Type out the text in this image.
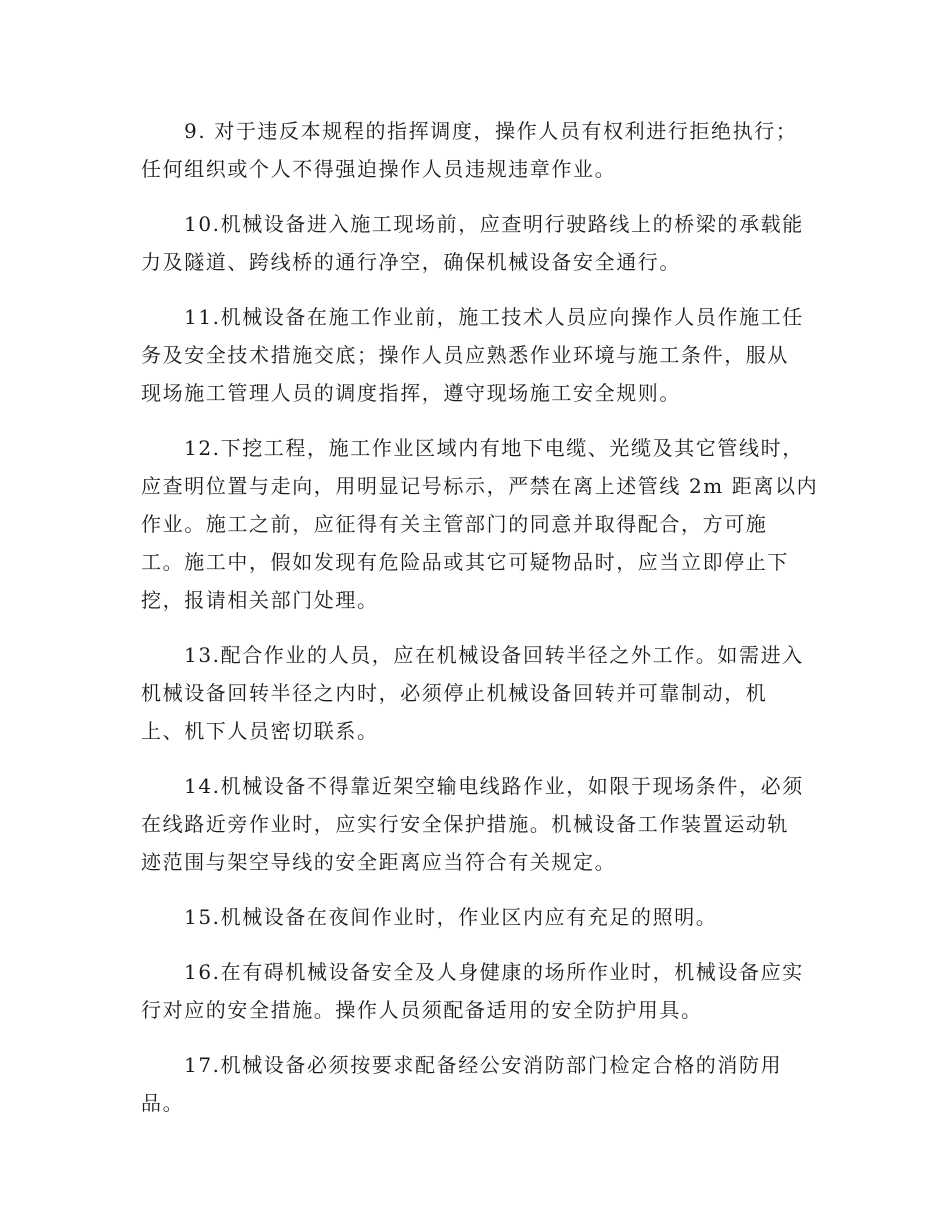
9. 对于违反本规程的指挥调度，操作人员有权利进行拒绝执行；
任何组织或个人不得强迫操作人员违规违章作业。

10.机械设备进入施工现场前，应查明行驶路线上的桥梁的承载能
力及隧道、跨线桥的通行净空，确保机械设备安全通行。

11.机械设备在施工作业前，施工技术人员应向操作人员作施工任
务及安全技术措施交底；操作人员应熟悉作业环境与施工条件，服从
现场施工管理人员的调度指挥，遵守现场施工安全规则。

12.下挖工程，施工作业区域内有地下电缆、光缆及其它管线时，
应查明位置与走向，用明显记号标示，严禁在离上述管线 2m 距离以内
作业。施工之前，应征得有关主管部门的同意并取得配合，方可施
工。施工中，假如发现有危险品或其它可疑物品时，应当立即停止下
挖，报请相关部门处理。

13.配合作业的人员，应在机械设备回转半径之外工作。如需进入
机械设备回转半径之内时，必须停止机械设备回转并可靠制动，机
上、机下人员密切联系。

14.机械设备不得靠近架空输电线路作业，如限于现场条件，必须
在线路近旁作业时，应实行安全保护措施。机械设备工作装置运动轨
迹范围与架空导线的安全距离应当符合有关规定。

15.机械设备在夜间作业时，作业区内应有充足的照明。

16.在有碍机械设备安全及人身健康的场所作业时，机械设备应实
行对应的安全措施。操作人员须配备适用的安全防护用具。

17.机械设备必须按要求配备经公安消防部门检定合格的消防用
品。
